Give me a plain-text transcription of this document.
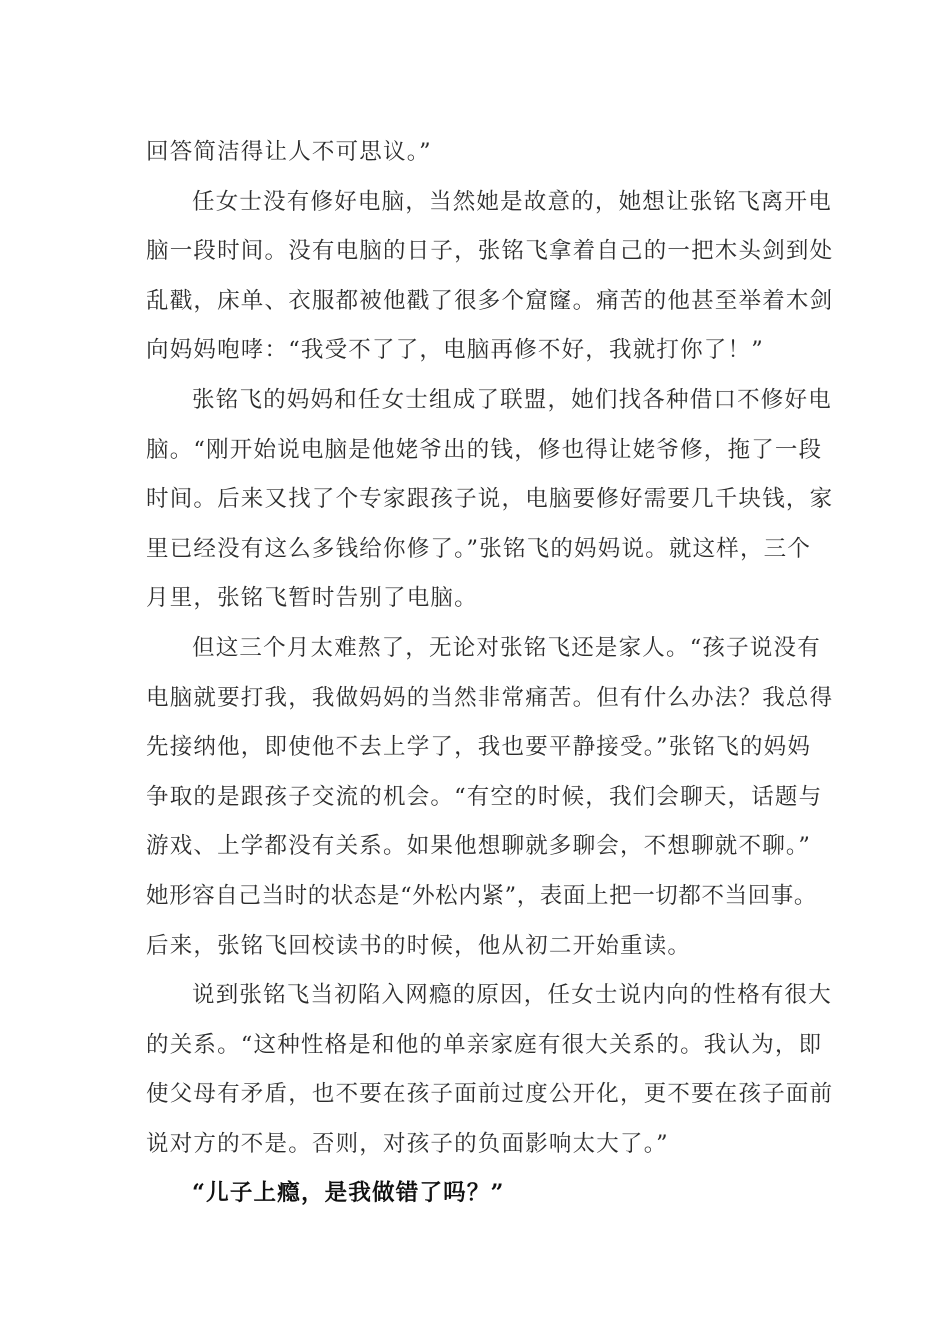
回答简洁得让人不可思议。”
任女士没有修好电脑，当然她是故意的，她想让张铭飞离开电
脑一段时间。没有电脑的日子，张铭飞拿着自己的一把木头剑到处
乱戳，床单、衣服都被他戳了很多个窟窿。痛苦的他甚至举着木剑
向妈妈咆哮：“我受不了了，电脑再修不好，我就打你了！”
张铭飞的妈妈和任女士组成了联盟，她们找各种借口不修好电
脑。“刚开始说电脑是他姥爷出的钱，修也得让姥爷修，拖了一段
时间。后来又找了个专家跟孩子说，电脑要修好需要几千块钱，家
里已经没有这么多钱给你修了。”张铭飞的妈妈说。就这样，三个
月里，张铭飞暂时告别了电脑。
但这三个月太难熬了，无论对张铭飞还是家人。“孩子说没有
电脑就要打我，我做妈妈的当然非常痛苦。但有什么办法？我总得
先接纳他，即使他不去上学了，我也要平静接受。”张铭飞的妈妈
争取的是跟孩子交流的机会。“有空的时候，我们会聊天，话题与
游戏、上学都没有关系。如果他想聊就多聊会，不想聊就不聊。”
她形容自己当时的状态是“外松内紧”，表面上把一切都不当回事。
后来，张铭飞回校读书的时候，他从初二开始重读。
说到张铭飞当初陷入网瘾的原因，任女士说内向的性格有很大
的关系。“这种性格是和他的单亲家庭有很大关系的。我认为，即
使父母有矛盾，也不要在孩子面前过度公开化，更不要在孩子面前
说对方的不是。否则，对孩子的负面影响太大了。”
“儿子上瘾，是我做错了吗？”
